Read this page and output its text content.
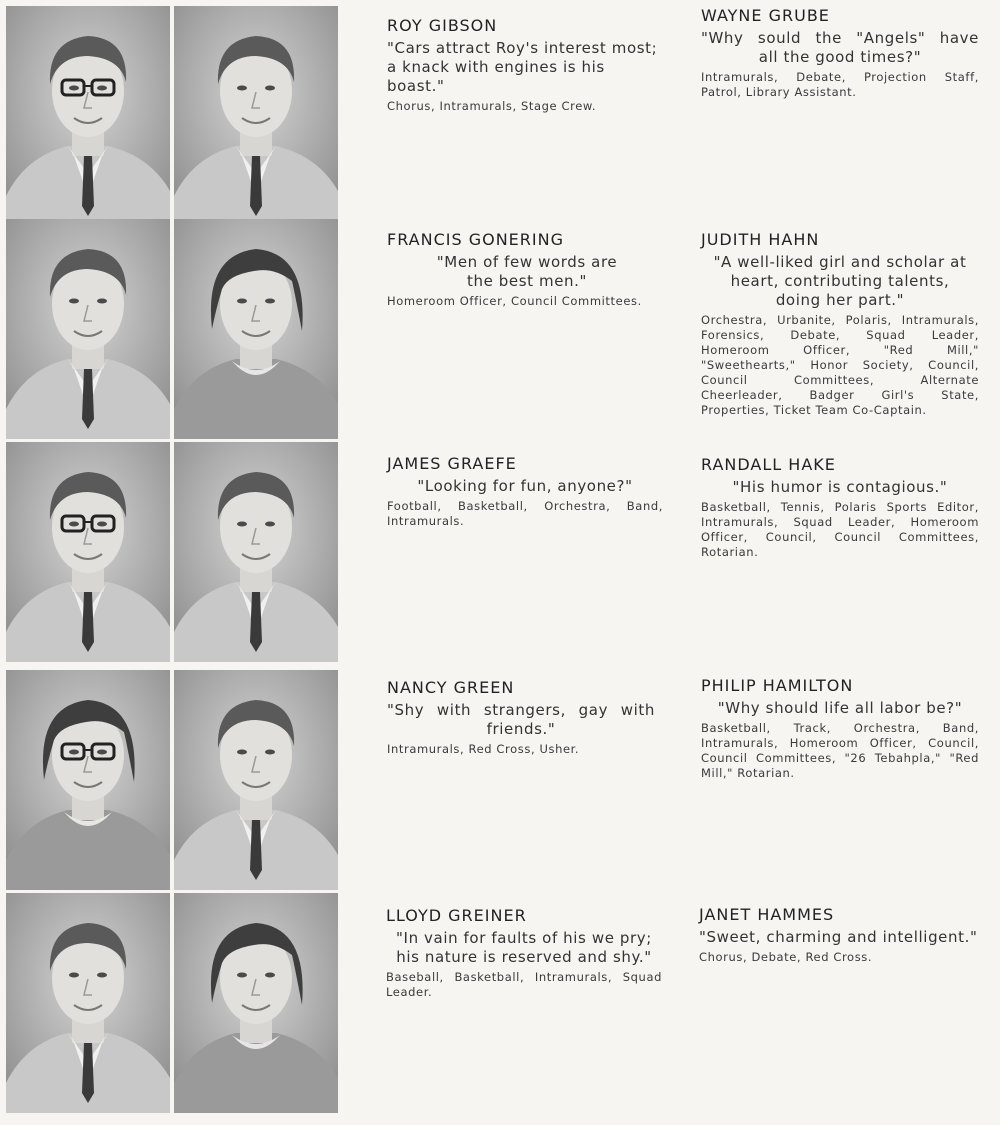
ROY GIBSON
"Cars attract Roy's interest most;
a knack with engines is his boast."
Chorus, Intramurals, Stage Crew.
WAYNE GRUBE
"Why sould the "Angels" have
all the good times?"
Intramurals, Debate, Projection Staff, Patrol, Library Assistant.
FRANCIS GONERING
"Men of few words are
the best men."
Homeroom Officer, Council Committees.
JUDITH HAHN
"A well-liked girl and scholar at
heart, contributing talents,
doing her part."
Orchestra, Urbanite, Polaris, Intramurals, Forensics, Debate, Squad Leader, Homeroom Officer, "Red Mill," "Sweethearts," Honor Society, Council, Council Committees, Alternate Cheerleader, Badger Girl's State, Properties, Ticket Team Co-Captain.
JAMES GRAEFE
"Looking for fun, anyone?"
Football, Basketball, Orchestra, Band, Intramurals.
RANDALL HAKE
"His humor is contagious."
Basketball, Tennis, Polaris Sports Editor, Intramurals, Squad Leader, Homeroom Officer, Council, Council Committees, Rotarian.
NANCY GREEN
"Shy with strangers, gay with
friends."
Intramurals, Red Cross, Usher.
PHILIP HAMILTON
"Why should life all labor be?"
Basketball, Track, Orchestra, Band, Intramurals, Homeroom Officer, Council, Council Committees, "26 Tebahpla," "Red Mill," Rotarian.
LLOYD GREINER
"In vain for faults of his we pry;
his nature is reserved and shy."
Baseball, Basketball, Intramurals, Squad Leader.
JANET HAMMES
"Sweet, charming and intelligent."
Chorus, Debate, Red Cross.
